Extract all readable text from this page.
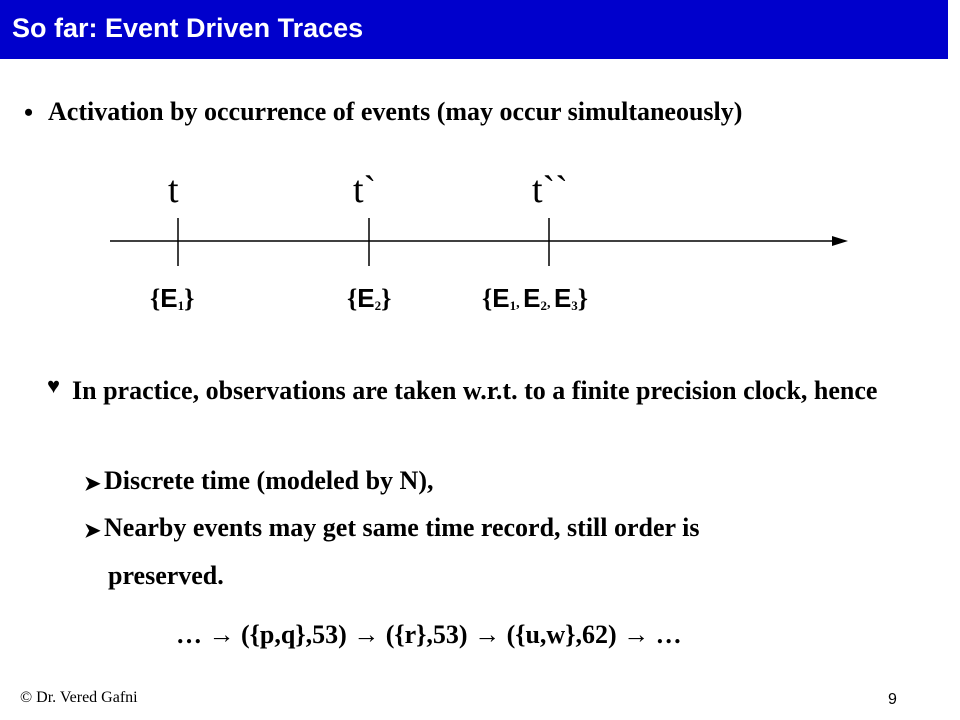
So far: Event Driven Traces
• Activation by occurrence of events (may occur simultaneously)
t	t`	t``
$\{E_1\}$	$\{E_2\}$	{$E_1$, $E_2$, $E_3$}
♥ In practice, observations are taken w.r.t. to a finite precision clock, hence
➤ Discrete time (modeled by N),
➤ Nearby events may get same time record, still order is
preserved.
… → ({p,q},53) → ({r},53) → ({u,w},62) → …
© Dr. Vered Gafni	9
